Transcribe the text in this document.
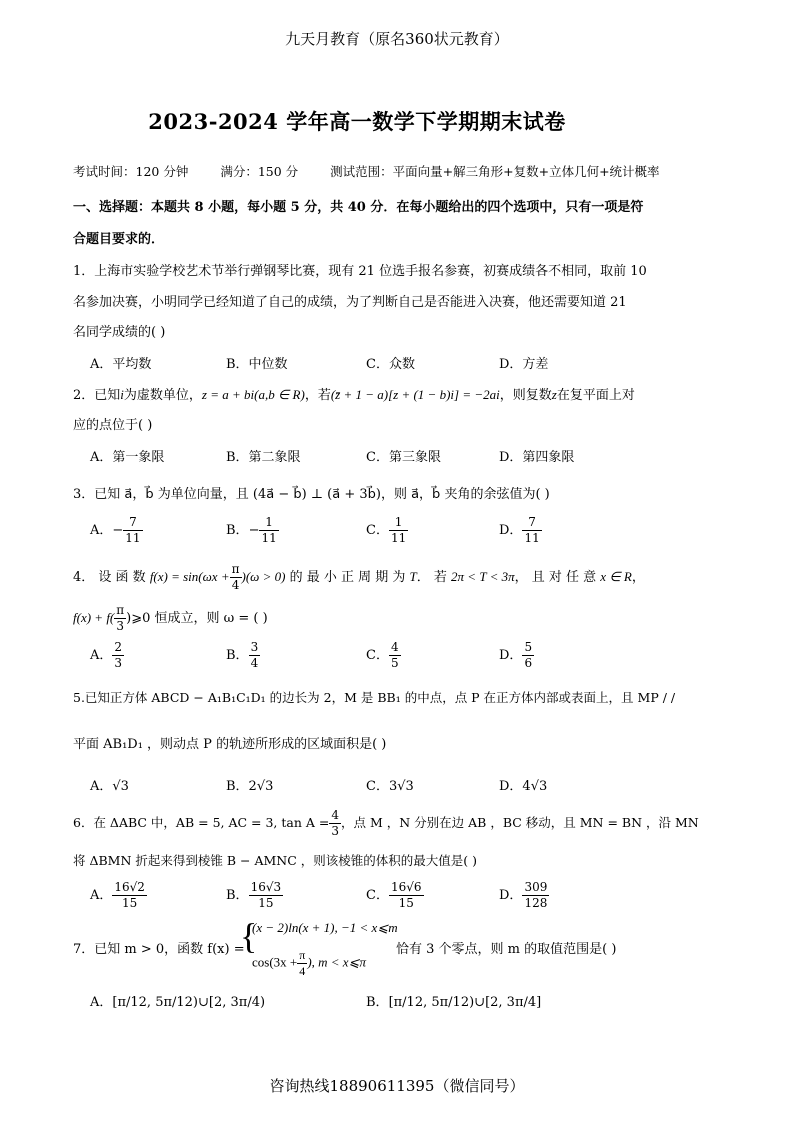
九天月教育（原名360状元教育）
2023-2024 学年高一数学下学期期末试卷
考试时间：120 分钟	满分：150 分	测试范围：平面向量+解三角形+复数+立体几何+统计概率
一、选择题：本题共 8 小题，每小题 5 分，共 40 分．在每小题给出的四个选项中，只有一项是符
合题目要求的．
1．上海市实验学校艺术节举行弹钢琴比赛，现有 21 位选手报名参赛，初赛成绩各不相同，取前 10
名参加决赛，小明同学已经知道了自己的成绩，为了判断自己是否能进入决赛，他还需要知道 21
名同学成绩的( )
A．平均数	B．中位数	C．众数	D．方差
2．已知i为虚数单位，z = a + bi(a,b ∈ R)，若(z̄ + 1 − a)[z + (1 − b)i] = −2ai，则复数z在复平面上对
应的点位于( )
A．第一象限	B．第二象限	C．第三象限	D．第四象限
3．已知 a⃗，b⃗ 为单位向量，且 (4a⃗ − b⃗) ⊥ (a⃗ + 3b⃗)，则 a⃗，b⃗ 夹角的余弦值为( )
A．− $\frac{7}{11}$	B．− $\frac{1}{11}$	C． $\frac{1}{11}$	D． $\frac{7}{11}$
4． 设 函 数 $f(x) = \sin(\omega x + \frac{\pi}{4} )(\omega > 0)$ 的 最 小 正 周 期 为 T． 若 2π < T < 3π， 且 对 任 意 x ∈ R，
$f(x) + f( \frac{\pi}{3}$ )⩾0 恒成立，则 ω = ( )
A． $\frac{2}{3}$	B． $\frac{3}{4}$	C． $\frac{4}{5}$	D． $\frac{5}{6}$
5.已知正方体 ABCD − A₁B₁C₁D₁ 的边长为 2，M 是 BB₁ 的中点，点 P 在正方体内部或表面上，且 MP / /
平面 AB₁D₁ ，则动点 P 的轨迹所形成的区域面积是( )
A．√3	B．2√3	C．3√3	D．4√3
6．在 ΔABC 中，AB = 5, AC = 3, $\tan A = \frac{4}{3}$ ，点 M ，N 分别在边 AB ，BC 移动，且 MN = BN ，沿 MN
将 ΔBMN 折起来得到棱锥 B − AMNC ，则该棱锥的体积的最大值是( )
A． $\frac{16√2}{15}$	B． $\frac{16√3}{15}$	C． $\frac{16√6}{15}$	D． $\frac{309}{128}$
7．已知 m > 0，函数 f(x) =
{
(x − 2)ln(x + 1), −1 < x⩽m
$\cos(3x + \frac{\pi}{4}$ ), m < x⩽π
恰有 3 个零点，则 m 的取值范围是( )
A．[π/12, 5π/12)∪[2, 3π/4)	B．[π/12, 5π/12)∪[2, 3π/4]
咨询热线18890611395（微信同号）
